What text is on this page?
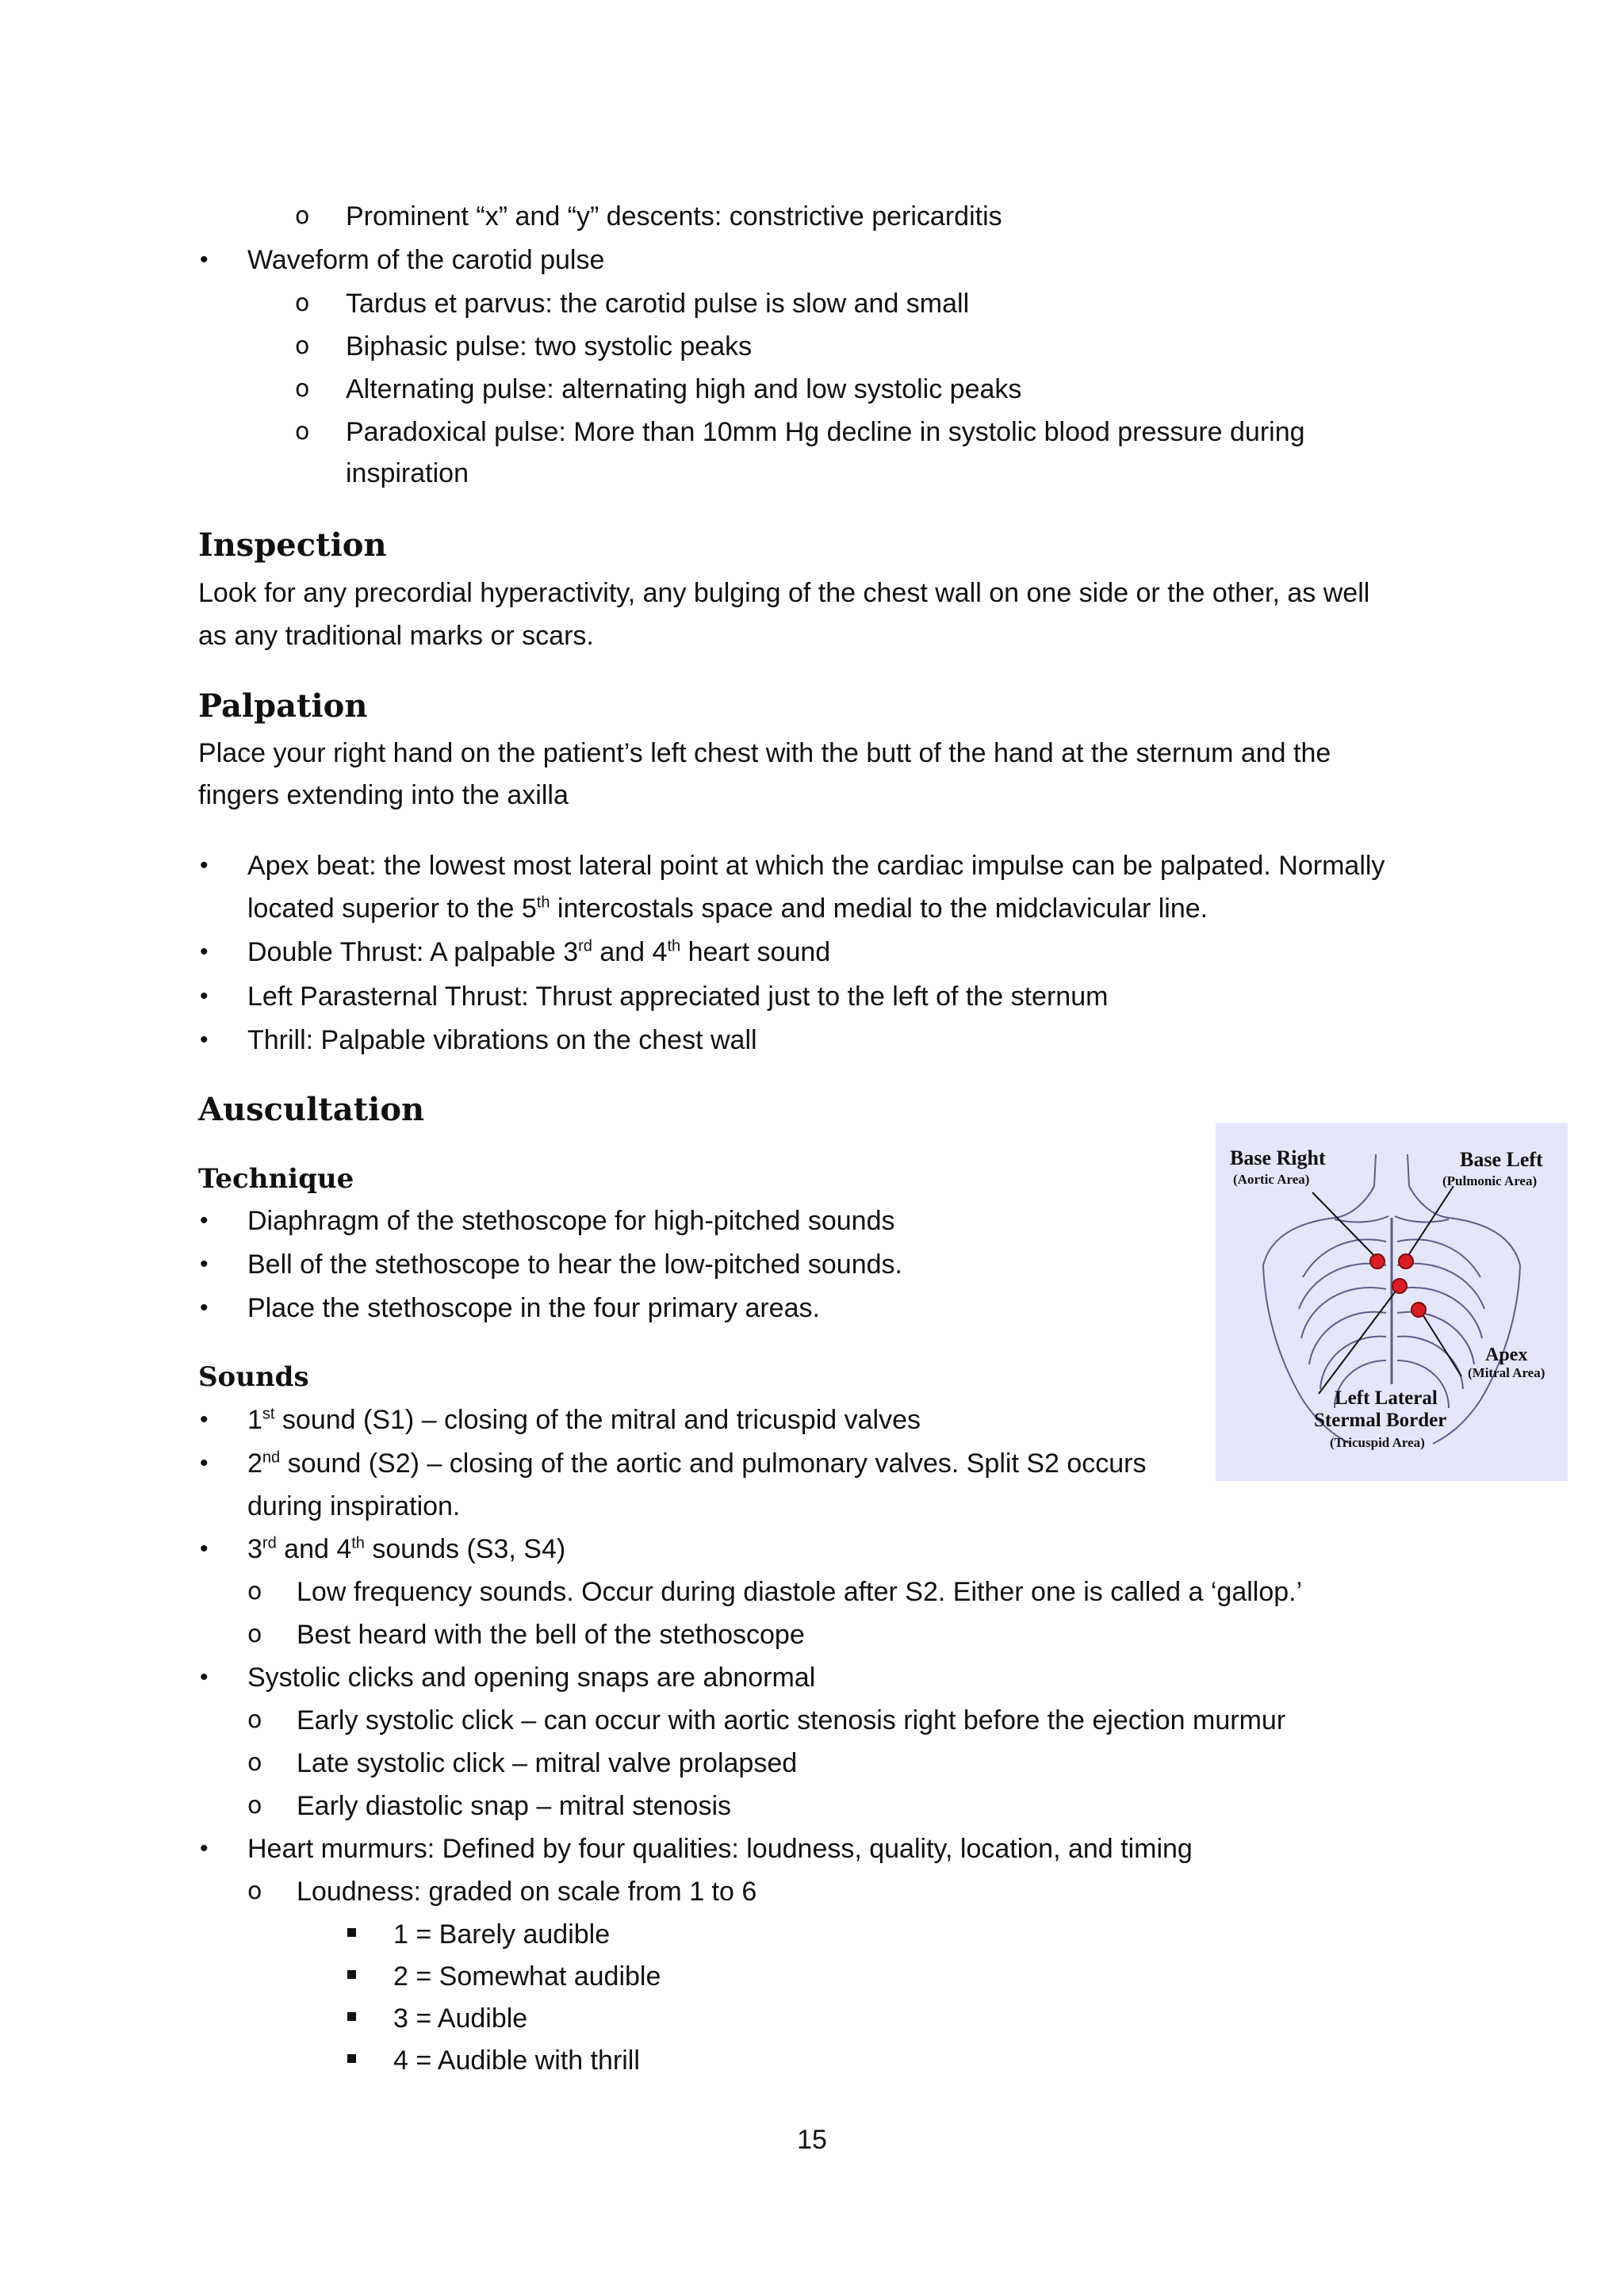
o Prominent “x” and “y” descents: constrictive pericarditis
• Waveform of the carotid pulse
o Tardus et parvus: the carotid pulse is slow and small
o Biphasic pulse: two systolic peaks
o Alternating pulse: alternating high and low systolic peaks
o Paradoxical pulse: More than 10mm Hg decline in systolic blood pressure during
inspiration
Inspection
Look for any precordial hyperactivity, any bulging of the chest wall on one side or the other, as well
as any traditional marks or scars.
Palpation
Place your right hand on the patient’s left chest with the butt of the hand at the sternum and the
fingers extending into the axilla
• Apex beat: the lowest most lateral point at which the cardiac impulse can be palpated. Normally
located superior to the 5th intercostals space and medial to the midclavicular line.
• Double Thrust: A palpable 3rd and 4th heart sound
• Left Parasternal Thrust: Thrust appreciated just to the left of the sternum
• Thrill: Palpable vibrations on the chest wall
Auscultation
Technique
• Diaphragm of the stethoscope for high-pitched sounds
• Bell of the stethoscope to hear the low-pitched sounds.
• Place the stethoscope in the four primary areas.
Sounds
• 1st sound (S1) – closing of the mitral and tricuspid valves
• 2nd sound (S2) – closing of the aortic and pulmonary valves. Split S2 occurs
during inspiration.
• 3rd and 4th sounds (S3, S4)
o Low frequency sounds. Occur during diastole after S2. Either one is called a ‘gallop.’
o Best heard with the bell of the stethoscope
• Systolic clicks and opening snaps are abnormal
o Early systolic click – can occur with aortic stenosis right before the ejection murmur
o Late systolic click – mitral valve prolapsed
o Early diastolic snap – mitral stenosis
• Heart murmurs: Defined by four qualities: loudness, quality, location, and timing
o Loudness: graded on scale from 1 to 6
1 = Barely audible
2 = Somewhat audible
3 = Audible
4 = Audible with thrill
Base Right
(Aortic Area)
Base Left
(Pulmonic Area)
Apex
(Mitral Area)
Left Lateral
Stermal Border
(Tricuspid Area)
15
